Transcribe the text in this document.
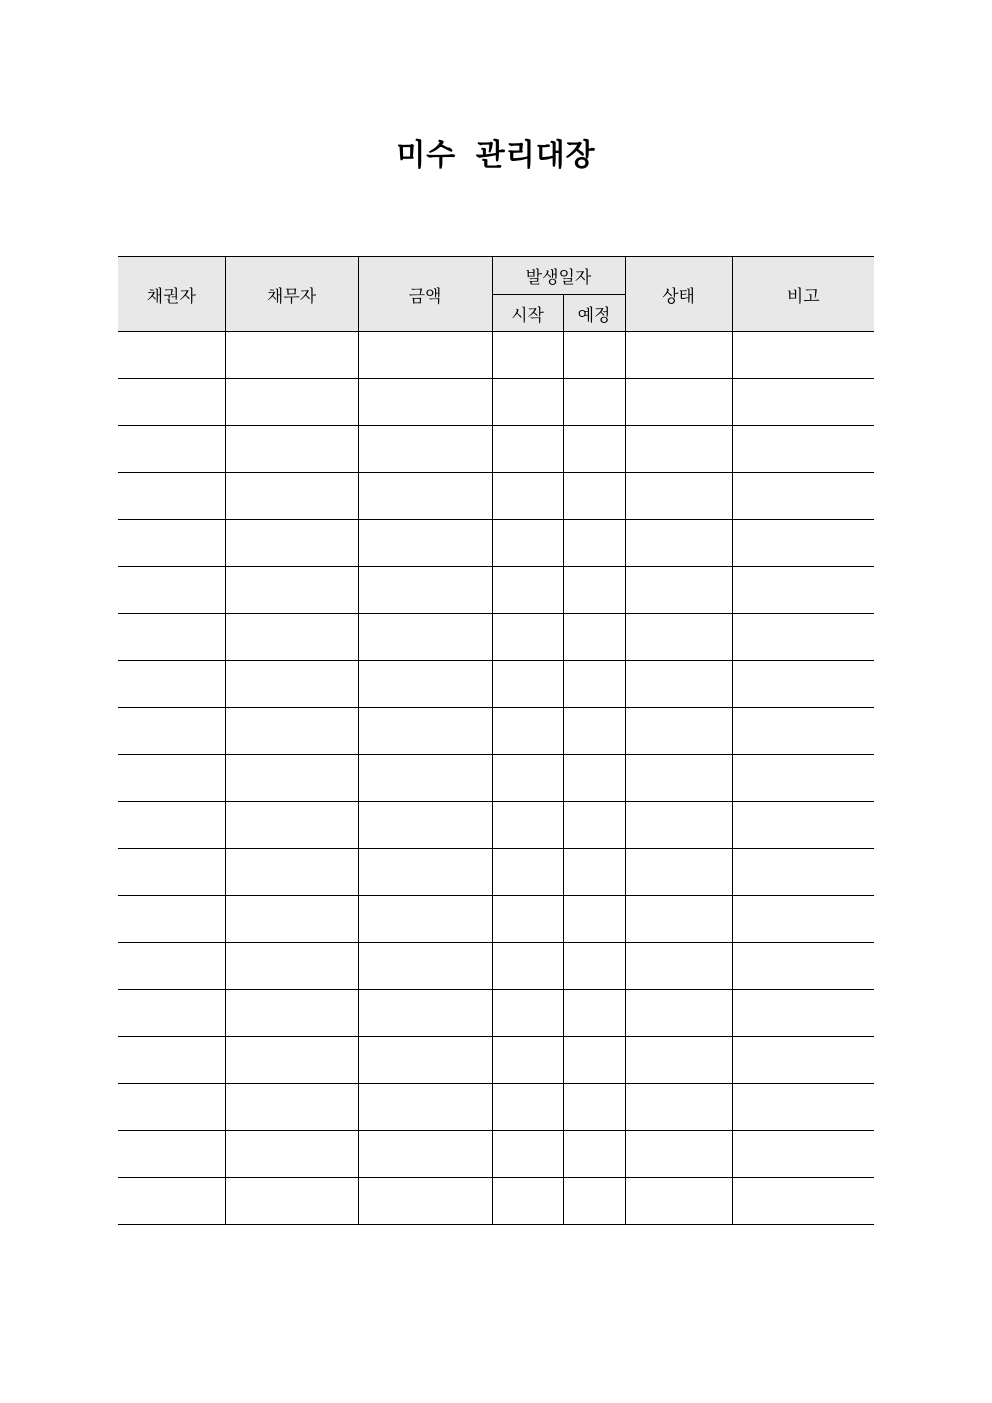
미수 관리대장
채권자	채무자	금액	발생일자		상태	비고
			시작	예정		
